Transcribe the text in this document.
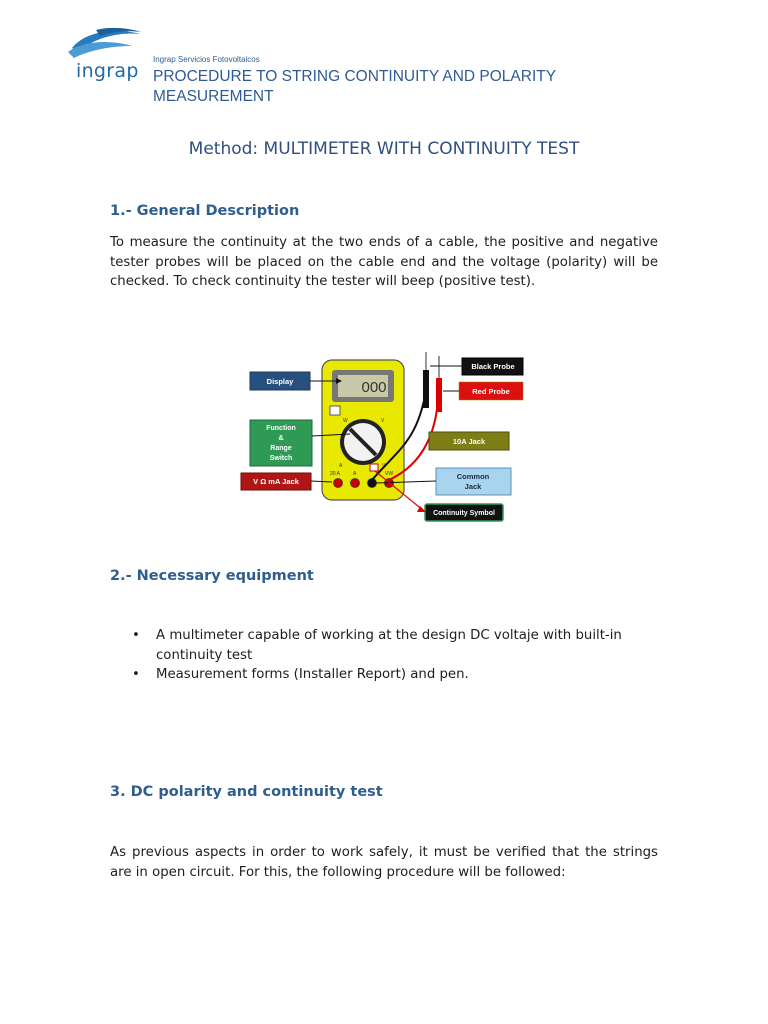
ingrap
Ingrap Servicios Fotovoltaicos
PROCEDURE TO STRING CONTINUITY AND POLARITY MEASUREMENT
Method: MULTIMETER WITH CONTINUITY TEST
1.- General Description
To measure the continuity at the two ends of a cable, the positive and negative tester probes will be placed on the cable end and the voltage (polarity) will be checked. To check continuity the tester will beep (positive test).
000
W	V
A	V
20 A	A	VW
Display
Function
&
Range
Switch
V Ω mA Jack
Black Probe
Red Probe
10A Jack
Common
Jack
Continuity Symbol
2.- Necessary equipment
• A multimeter capable of working at the design DC voltaje with built-in continuity test
• Measurement forms (Installer Report) and pen.
3. DC polarity and continuity test
As previous aspects in order to work safely, it must be verified that the strings are in open circuit. For this, the following procedure will be followed:
